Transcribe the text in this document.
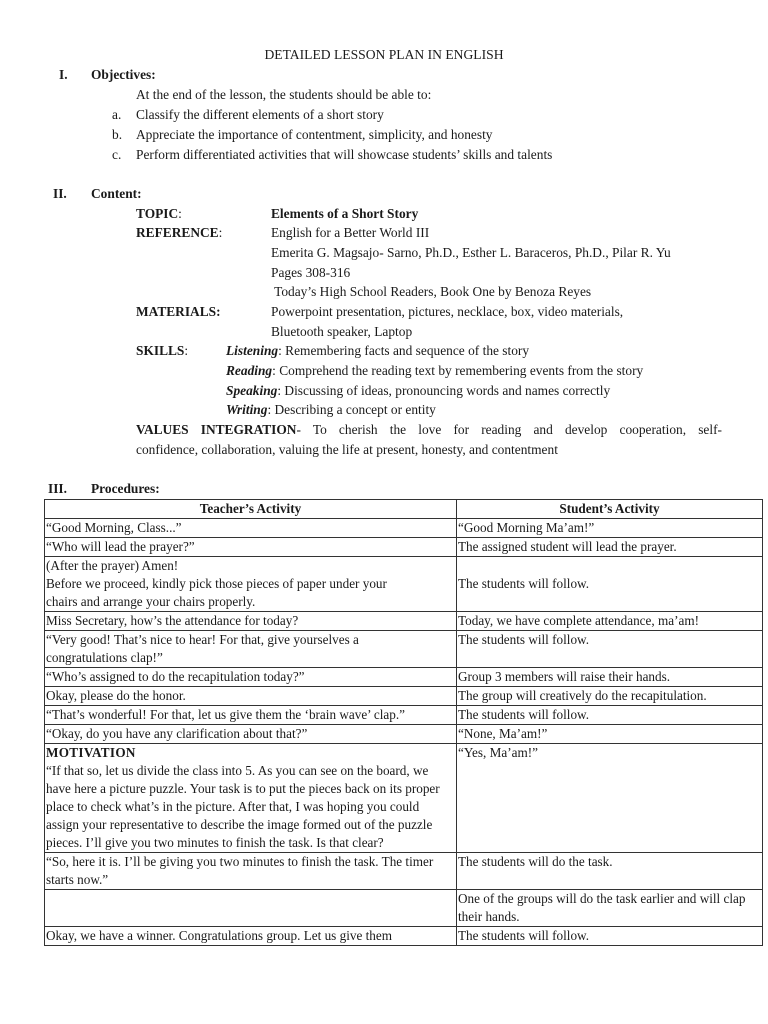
DETAILED LESSON PLAN IN ENGLISH
I. Objectives:
At the end of the lesson, the students should be able to:
a. Classify the different elements of a short story
b. Appreciate the importance of contentment, simplicity, and honesty
c. Perform differentiated activities that will showcase students’ skills and talents
II. Content:
TOPIC:	Elements of a Short Story
REFERENCE:	English for a Better World III
Emerita G. Magsajo- Sarno, Ph.D., Esther L. Baraceros, Ph.D., Pilar R. Yu
Pages 308-316
Today’s High School Readers, Book One by Benoza Reyes
MATERIALS:	Powerpoint presentation, pictures, necklace, box, video materials,
Bluetooth speaker, Laptop
SKILLS:	Listening: Remembering facts and sequence of the story
Reading: Comprehend the reading text by remembering events from the story
Speaking: Discussing of ideas, pronouncing words and names correctly
Writing: Describing a concept or entity
VALUES INTEGRATION- To cherish the love for reading and develop cooperation, self-
confidence, collaboration, valuing the life at present, honesty, and contentment
III. Procedures:
Teacher’s Activity	Student’s Activity
“Good Morning, Class...”	“Good Morning Ma’am!”
“Who will lead the prayer?”	The assigned student will lead the prayer.

(After the prayer) Amen!
Before we proceed, kindly pick those pieces of paper under your
chairs and arrange your chairs properly.	The students will follow.
Miss Secretary, how’s the attendance for today?	Today, we have complete attendance, ma’am!

“Very good! That’s nice to hear! For that, give yourselves a
congratulations clap!”	The students will follow.
“Who’s assigned to do the recapitulation today?”	Group 3 members will raise their hands.
Okay, please do the honor.	The group will creatively do the recapitulation.
“That’s wonderful! For that, let us give them the ‘brain wave’ clap.”	The students will follow.
“Okay, do you have any clarification about that?”	“None, Ma’am!”

MOTIVATION
“If that so, let us divide the class into 5. As you can see on the board, we have here a picture puzzle. Your task is to put the pieces back on its proper place to check what’s in the picture. After that, I was hoping you could assign your representative to describe the image formed out of the puzzle pieces. I’ll give you two minutes to finish the task. Is that clear?	“Yes, Ma’am!”
“So, here it is. I’ll be giving you two minutes to finish the task. The timer starts now.”	The students will do the task.
	One of the groups will do the task earlier and will clap their hands.
Okay, we have a winner. Congratulations group. Let us give them	The students will follow.
